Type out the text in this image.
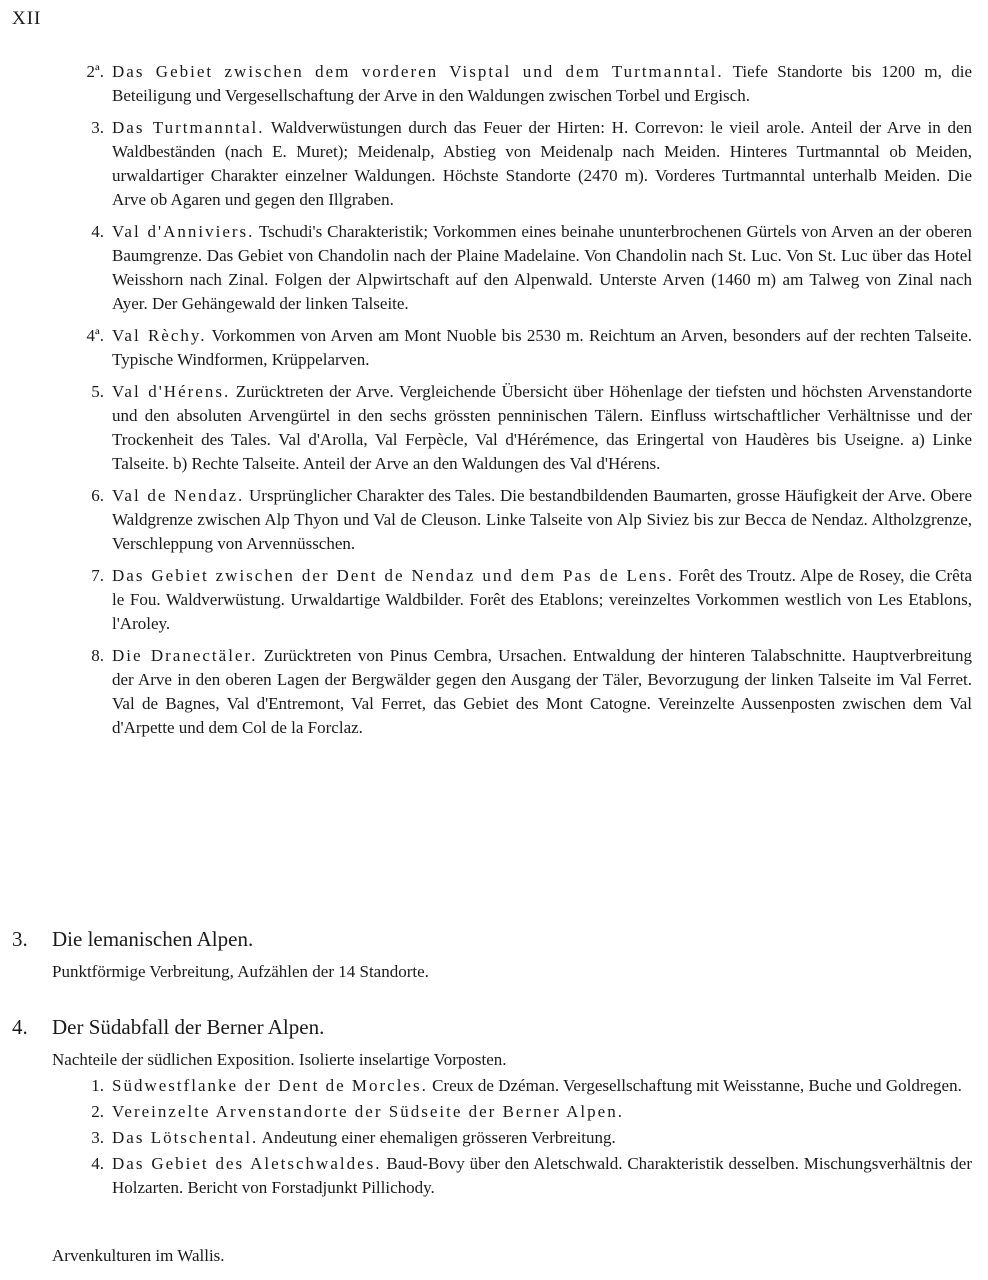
XII
2ª. Das Gebiet zwischen dem vorderen Visptal und dem Turtmanntal. Tiefe Standorte bis 1200 m, die Beteiligung und Vergesellschaftung der Arve in den Waldungen zwischen Torbel und Ergisch.
3. Das Turtmanntal. Waldverwüstungen durch das Feuer der Hirten: H. Correvon: le vieil arole. Anteil der Arve in den Waldbeständen (nach E. Muret); Meidenalp, Abstieg von Meidenalp nach Meiden. Hinteres Turtmanntal ob Meiden, urwaldartiger Charakter einzelner Waldungen. Höchste Standorte (2470 m). Vorderes Turtmanntal unterhalb Meiden. Die Arve ob Agaren und gegen den Illgraben.
4. Val d'Anniviers. Tschudi's Charakteristik; Vorkommen eines beinahe ununterbrochenen Gürtels von Arven an der oberen Baumgrenze. Das Gebiet von Chandolin nach der Plaine Madelaine. Von Chandolin nach St. Luc. Von St. Luc über das Hotel Weisshorn nach Zinal. Folgen der Alpwirtschaft auf den Alpenwald. Unterste Arven (1460 m) am Talweg von Zinal nach Ayer. Der Gehängewald der linken Talseite.
4ª. Val Rèchy. Vorkommen von Arven am Mont Nuoble bis 2530 m. Reichtum an Arven, besonders auf der rechten Talseite. Typische Windformen, Krüppelarven.
5. Val d'Hérens. Zurücktreten der Arve. Vergleichende Übersicht über Höhenlage der tiefsten und höchsten Arvenstandorte und den absoluten Arvengürtel in den sechs grössten penninischen Tälern. Einfluss wirtschaftlicher Verhältnisse und der Trockenheit des Tales. Val d'Arolla, Val Ferpècle, Val d'Hérémence, das Eringertal von Haudères bis Useigne. a) Linke Talseite. b) Rechte Talseite. Anteil der Arve an den Waldungen des Val d'Hérens.
6. Val de Nendaz. Ursprünglicher Charakter des Tales. Die bestandbildenden Baumarten, grosse Häufigkeit der Arve. Obere Waldgrenze zwischen Alp Thyon und Val de Cleuson. Linke Talseite von Alp Siviez bis zur Becca de Nendaz. Altholzgrenze, Verschleppung von Arvennüsschen.
7. Das Gebiet zwischen der Dent de Nendaz und dem Pas de Lens. Forêt des Troutz. Alpe de Rosey, die Crêta le Fou. Waldverwüstung. Urwaldartige Waldbilder. Forêt des Etablons; vereinzeltes Vorkommen westlich von Les Etablons, l'Aroley.
8. Die Dranectäler. Zurücktreten von Pinus Cembra, Ursachen. Entwaldung der hinteren Talabschnitte. Hauptverbreitung der Arve in den oberen Lagen der Bergwälder gegen den Ausgang der Täler, Bevorzugung der linken Talseite im Val Ferret. Val de Bagnes, Val d'Entremont, Val Ferret, das Gebiet des Mont Catogne. Vereinzelte Aussenposten zwischen dem Val d'Arpette und dem Col de la Forclaz.
3. Die lemanischen Alpen.
Punktförmige Verbreitung, Aufzählen der 14 Standorte.
4. Der Südabfall der Berner Alpen.
Nachteile der südlichen Exposition. Isolierte inselartige Vorposten.
1. Südwestflanke der Dent de Morcles. Creux de Dzéman. Vergesellschaftung mit Weisstanne, Buche und Goldregen.
2. Vereinzelte Arvenstandorte der Südseite der Berner Alpen.
3. Das Lötschental. Andeutung einer ehemaligen grösseren Verbreitung.
4. Das Gebiet des Aletschwaldes. Baud-Bovy über den Aletschwald. Charakteristik desselben. Mischungsverhältnis der Holzarten. Bericht von Forstadjunkt Pillichody.
Arvenkulturen im Wallis.
